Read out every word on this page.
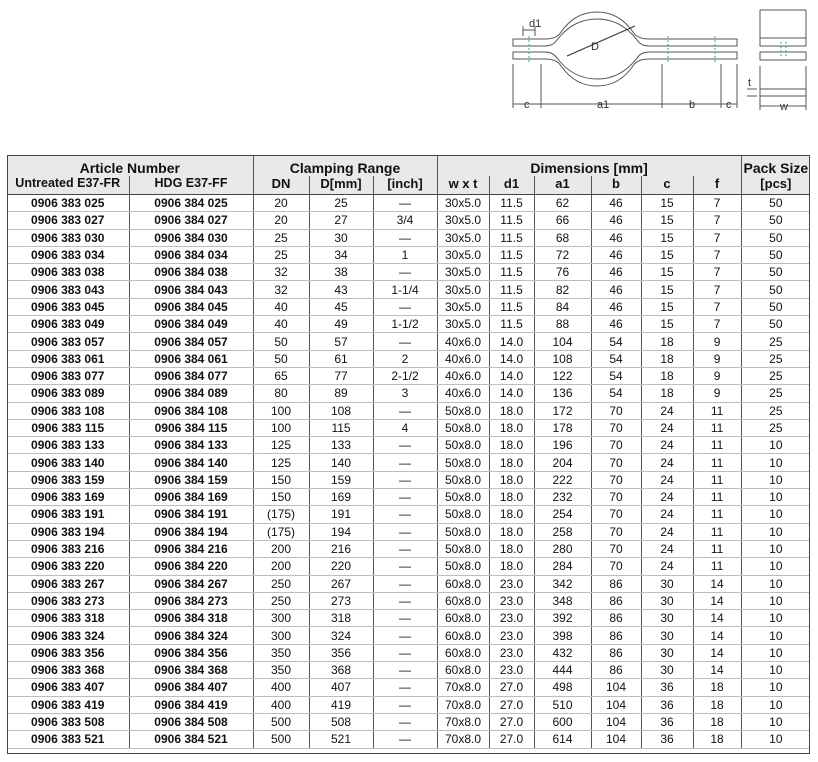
d1
D
c	a1	b	c
t
w
Article Number		Clamping Range			Dimensions [mm]						Pack Size
Untreated E37-FR	HDG E37-FF	DN	D[mm]	[inch]	w x t	d1	a1	b	c	f	[pcs]
0906 383 025	0906 384 025	20	25	—	30x5.0	11.5	62	46	15	7	50
0906 383 027	0906 384 027	20	27	3/4	30x5.0	11.5	66	46	15	7	50
0906 383 030	0906 384 030	25	30	—	30x5.0	11.5	68	46	15	7	50
0906 383 034	0906 384 034	25	34	1	30x5.0	11.5	72	46	15	7	50
0906 383 038	0906 384 038	32	38	—	30x5.0	11.5	76	46	15	7	50
0906 383 043	0906 384 043	32	43	1-1/4	30x5.0	11.5	82	46	15	7	50
0906 383 045	0906 384 045	40	45	—	30x5.0	11.5	84	46	15	7	50
0906 383 049	0906 384 049	40	49	1-1/2	30x5.0	11.5	88	46	15	7	50
0906 383 057	0906 384 057	50	57	—	40x6.0	14.0	104	54	18	9	25
0906 383 061	0906 384 061	50	61	2	40x6.0	14.0	108	54	18	9	25
0906 383 077	0906 384 077	65	77	2-1/2	40x6.0	14.0	122	54	18	9	25
0906 383 089	0906 384 089	80	89	3	40x6.0	14.0	136	54	18	9	25
0906 383 108	0906 384 108	100	108	—	50x8.0	18.0	172	70	24	11	25
0906 383 115	0906 384 115	100	115	4	50x8.0	18.0	178	70	24	11	25
0906 383 133	0906 384 133	125	133	—	50x8.0	18.0	196	70	24	11	10
0906 383 140	0906 384 140	125	140	—	50x8.0	18.0	204	70	24	11	10
0906 383 159	0906 384 159	150	159	—	50x8.0	18.0	222	70	24	11	10
0906 383 169	0906 384 169	150	169	—	50x8.0	18.0	232	70	24	11	10
0906 383 191	0906 384 191	(175)	191	—	50x8.0	18.0	254	70	24	11	10
0906 383 194	0906 384 194	(175)	194	—	50x8.0	18.0	258	70	24	11	10
0906 383 216	0906 384 216	200	216	—	50x8.0	18.0	280	70	24	11	10
0906 383 220	0906 384 220	200	220	—	50x8.0	18.0	284	70	24	11	10
0906 383 267	0906 384 267	250	267	—	60x8.0	23.0	342	86	30	14	10
0906 383 273	0906 384 273	250	273	—	60x8.0	23.0	348	86	30	14	10
0906 383 318	0906 384 318	300	318	—	60x8.0	23.0	392	86	30	14	10
0906 383 324	0906 384 324	300	324	—	60x8.0	23.0	398	86	30	14	10
0906 383 356	0906 384 356	350	356	—	60x8.0	23.0	432	86	30	14	10
0906 383 368	0906 384 368	350	368	—	60x8.0	23.0	444	86	30	14	10
0906 383 407	0906 384 407	400	407	—	70x8.0	27.0	498	104	36	18	10
0906 383 419	0906 384 419	400	419	—	70x8.0	27.0	510	104	36	18	10
0906 383 508	0906 384 508	500	508	—	70x8.0	27.0	600	104	36	18	10
0906 383 521	0906 384 521	500	521	—	70x8.0	27.0	614	104	36	18	10
